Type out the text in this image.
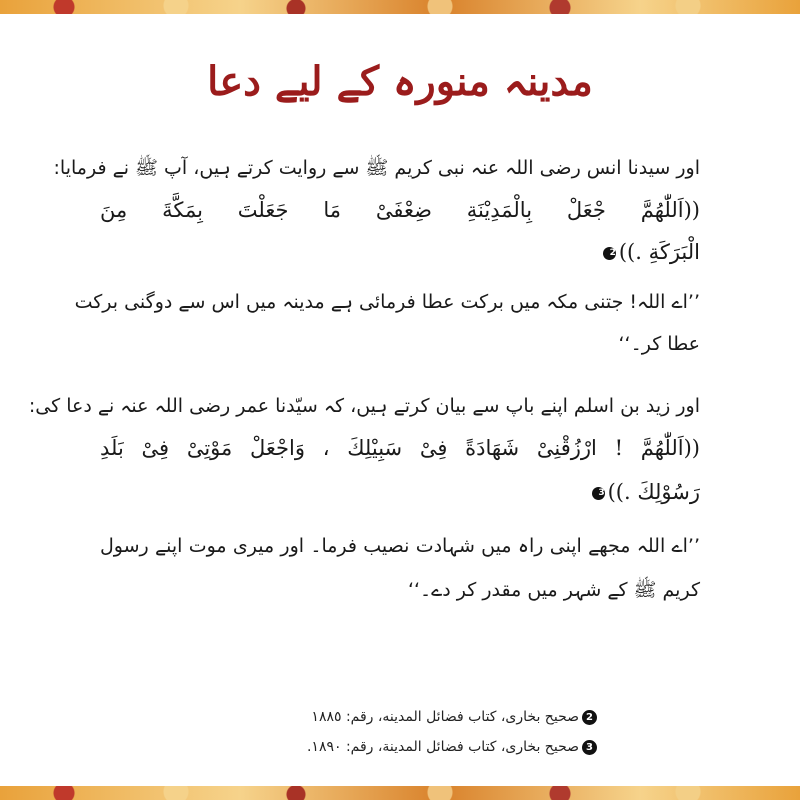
مدینہ منورہ کے لیے دعا
اور سیدنا انس رضی اللہ عنہ نبی کریم ﷺ سے روایت کرتے ہیں، آپ ﷺ نے فرمایا:
((اَللّٰھُمَّ جْعَلْ بِالْمَدِیْنَةِ ضِعْفَیْ مَا جَعَلْتَ بِمَکَّةَ مِنَ
الْبَرَکَةِ .))2
’’اے اللہ! جتنی مکہ میں برکت عطا فرمائی ہے مدینہ میں اس سے دوگنی برکت
عطا کر۔‘‘
اور زید بن اسلم اپنے باپ سے بیان کرتے ہیں، کہ سیّدنا عمر رضی اللہ عنہ نے دعا کی:
((اَللّٰھُمَّ ! ارْزُقْنِیْ شَھَادَةً فِیْ سَبِیْلِكَ ، وَاجْعَلْ مَوْتِیْ فِیْ بَلَدِ
رَسُوْلِكَ .))3
’’اے اللہ مجھے اپنی راہ میں شہادت نصیب فرما۔ اور میری موت اپنے رسول
کریم ﷺ کے شہر میں مقدر کر دے۔‘‘
2صحیح بخاری، کتاب فضائل المدینه، رقم: ١٨٨٥
3صحیح بخاری، کتاب فضائل المدینة، رقم: ١٨٩٠.
